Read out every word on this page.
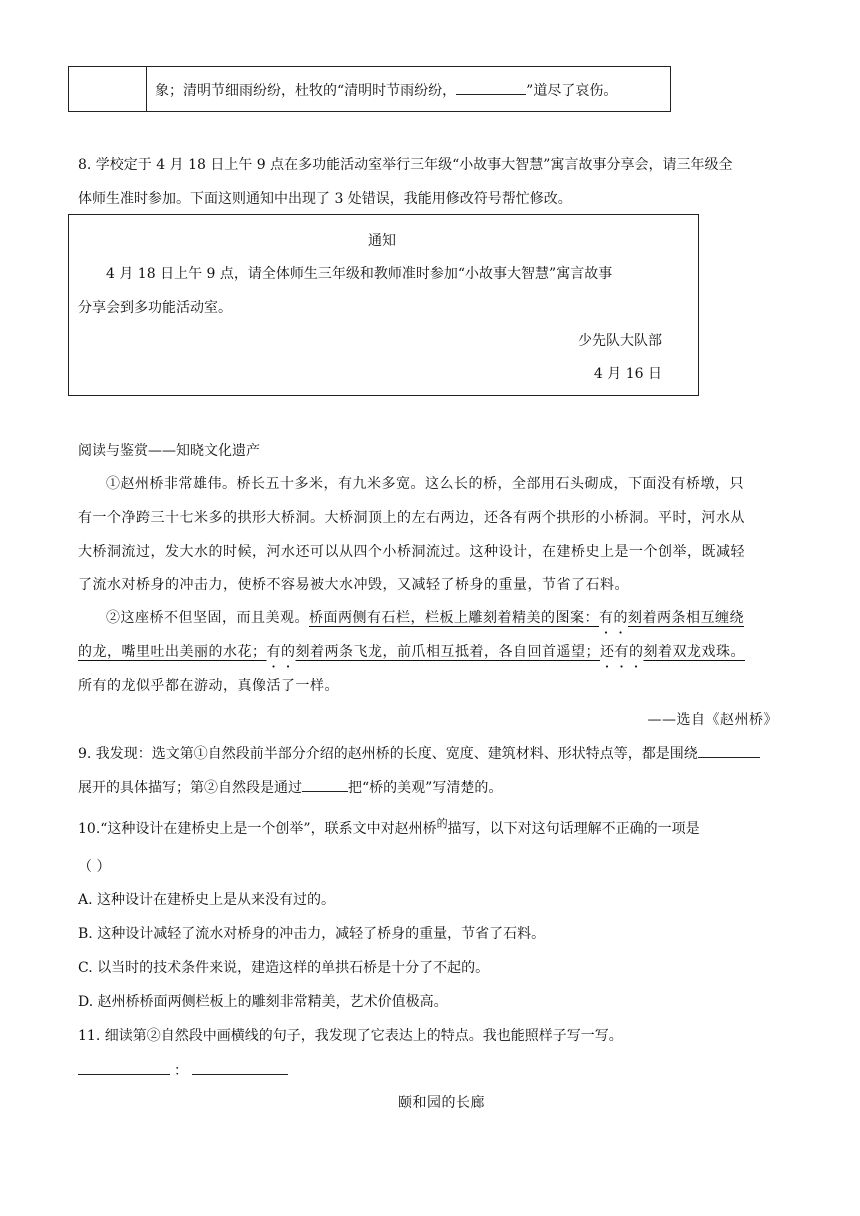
象；清明节细雨纷纷，杜牧的“清明时节雨纷纷，	”道尽了哀伤。
8. 学校定于 4 月 18 日上午 9 点在多功能活动室举行三年级“小故事大智慧”寓言故事分享会，请三年级全
体师生准时参加。下面这则通知中出现了 3 处错误，我能用修改符号帮忙修改。
通知
4 月 18 日上午 9 点，请全体师生三年级和教师准时参加“小故事大智慧”寓言故事
分享会到多功能活动室。
少先队大队部
4 月 16 日
阅读与鉴赏——知晓文化遗产
①赵州桥非常雄伟。桥长五十多米，有九米多宽。这么长的桥，全部用石头砌成，下面没有桥墩，只
有一个净跨三十七米多的拱形大桥洞。大桥洞顶上的左右两边，还各有两个拱形的小桥洞。平时，河水从
大桥洞流过，发大水的时候，河水还可以从四个小桥洞流过。这种设计，在建桥史上是一个创举，既减轻
了流水对桥身的冲击力，使桥不容易被大水冲毁，又减轻了桥身的重量，节省了石料。
②这座桥不但坚固，而且美观。桥面两侧有石栏，栏板上雕刻着精美的图案：有的刻着两条相互缠绕
的龙，嘴里吐出美丽的水花；有的刻着两条飞龙，前爪相互抵着，各自回首遥望；还有的刻着双龙戏珠。
所有的龙似乎都在游动，真像活了一样。
——选自《赵州桥》
9. 我发现：选文第①自然段前半部分介绍的赵州桥的长度、宽度、建筑材料、形状特点等，都是围绕
展开的具体描写；第②自然段是通过	把“桥的美观”写清楚的。
10.“这种设计在建桥史上是一个创举”，联系文中对赵州桥$^的$描写，以下对这句话理解不正确的一项是
（ ）
A. 这种设计在建桥史上是从来没有过的。
B. 这种设计减轻了流水对桥身的冲击力，减轻了桥身的重量，节省了石料。
C. 以当时的技术条件来说，建造这样的单拱石桥是十分了不起的。
D. 赵州桥桥面两侧栏板上的雕刻非常精美，艺术价值极高。
11. 细读第②自然段中画横线的句子，我发现了它表达上的特点。我也能照样子写一写。
：
颐和园的长廊
